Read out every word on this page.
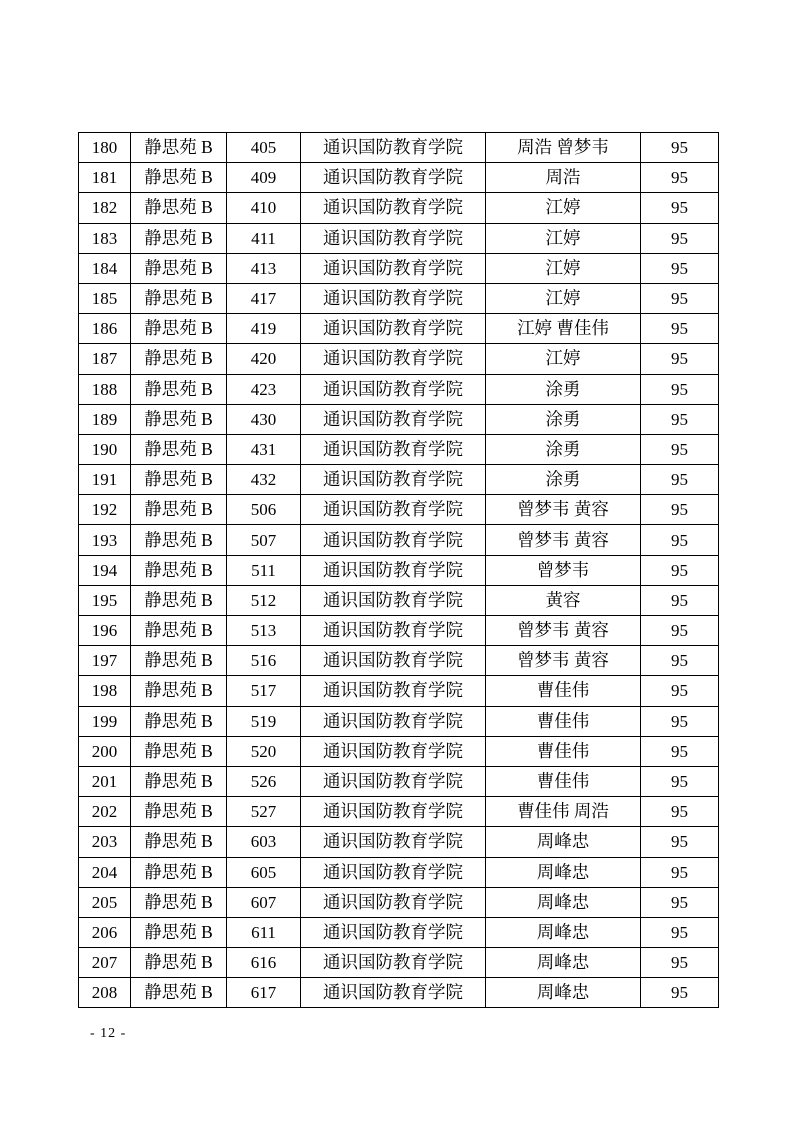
180	静思苑 B	405	通识国防教育学院	周浩 曾梦韦	95
181	静思苑 B	409	通识国防教育学院	周浩	95
182	静思苑 B	410	通识国防教育学院	江婷	95
183	静思苑 B	411	通识国防教育学院	江婷	95
184	静思苑 B	413	通识国防教育学院	江婷	95
185	静思苑 B	417	通识国防教育学院	江婷	95
186	静思苑 B	419	通识国防教育学院	江婷 曹佳伟	95
187	静思苑 B	420	通识国防教育学院	江婷	95
188	静思苑 B	423	通识国防教育学院	涂勇	95
189	静思苑 B	430	通识国防教育学院	涂勇	95
190	静思苑 B	431	通识国防教育学院	涂勇	95
191	静思苑 B	432	通识国防教育学院	涂勇	95
192	静思苑 B	506	通识国防教育学院	曾梦韦 黄容	95
193	静思苑 B	507	通识国防教育学院	曾梦韦 黄容	95
194	静思苑 B	511	通识国防教育学院	曾梦韦	95
195	静思苑 B	512	通识国防教育学院	黄容	95
196	静思苑 B	513	通识国防教育学院	曾梦韦 黄容	95
197	静思苑 B	516	通识国防教育学院	曾梦韦 黄容	95
198	静思苑 B	517	通识国防教育学院	曹佳伟	95
199	静思苑 B	519	通识国防教育学院	曹佳伟	95
200	静思苑 B	520	通识国防教育学院	曹佳伟	95
201	静思苑 B	526	通识国防教育学院	曹佳伟	95
202	静思苑 B	527	通识国防教育学院	曹佳伟 周浩	95
203	静思苑 B	603	通识国防教育学院	周峰忠	95
204	静思苑 B	605	通识国防教育学院	周峰忠	95
205	静思苑 B	607	通识国防教育学院	周峰忠	95
206	静思苑 B	611	通识国防教育学院	周峰忠	95
207	静思苑 B	616	通识国防教育学院	周峰忠	95
208	静思苑 B	617	通识国防教育学院	周峰忠	95
- 12 -
